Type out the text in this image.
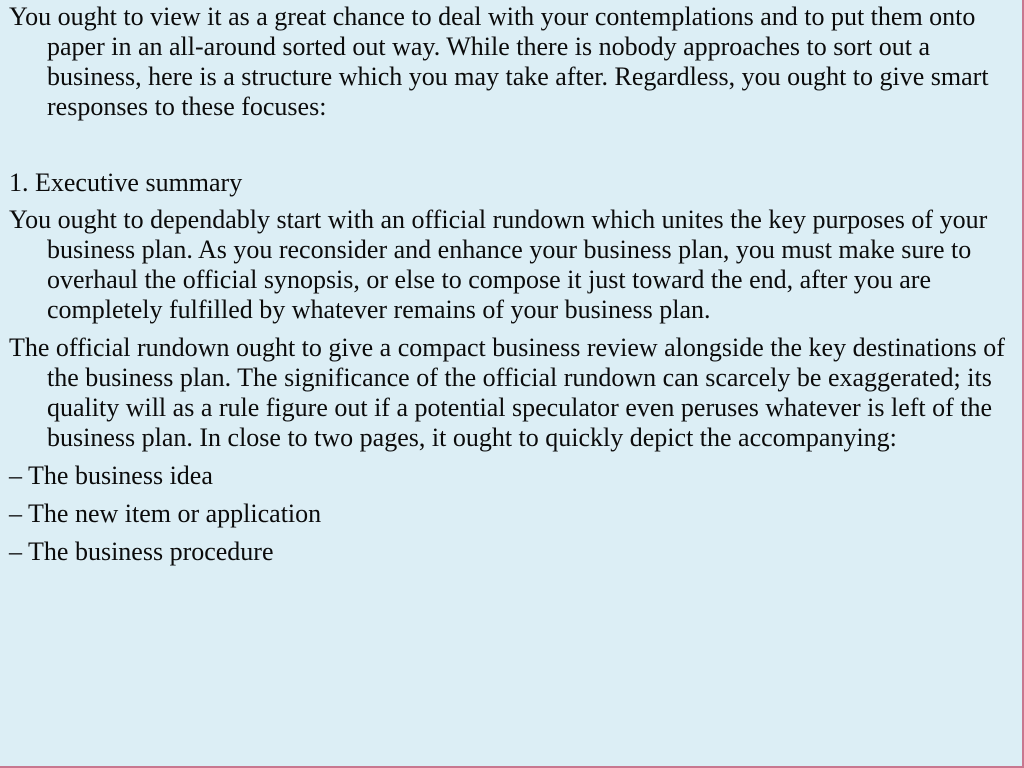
You ought to view it as a great chance to deal with your contemplations and to put them onto paper in an all-around sorted out way. While there is nobody approaches to sort out a business, here is a structure which you may take after. Regardless, you ought to give smart responses to these focuses:

1. Executive summary

You ought to dependably start with an official rundown which unites the key purposes of your business plan. As you reconsider and enhance your business plan, you must make sure to overhaul the official synopsis, or else to compose it just toward the end, after you are completely fulfilled by whatever remains of your business plan.

The official rundown ought to give a compact business review alongside the key destinations of the business plan. The significance of the official rundown can scarcely be exaggerated; its quality will as a rule figure out if a potential speculator even peruses whatever is left of the business plan. In close to two pages, it ought to quickly depict the accompanying:

– The business idea

– The new item or application

– The business procedure
